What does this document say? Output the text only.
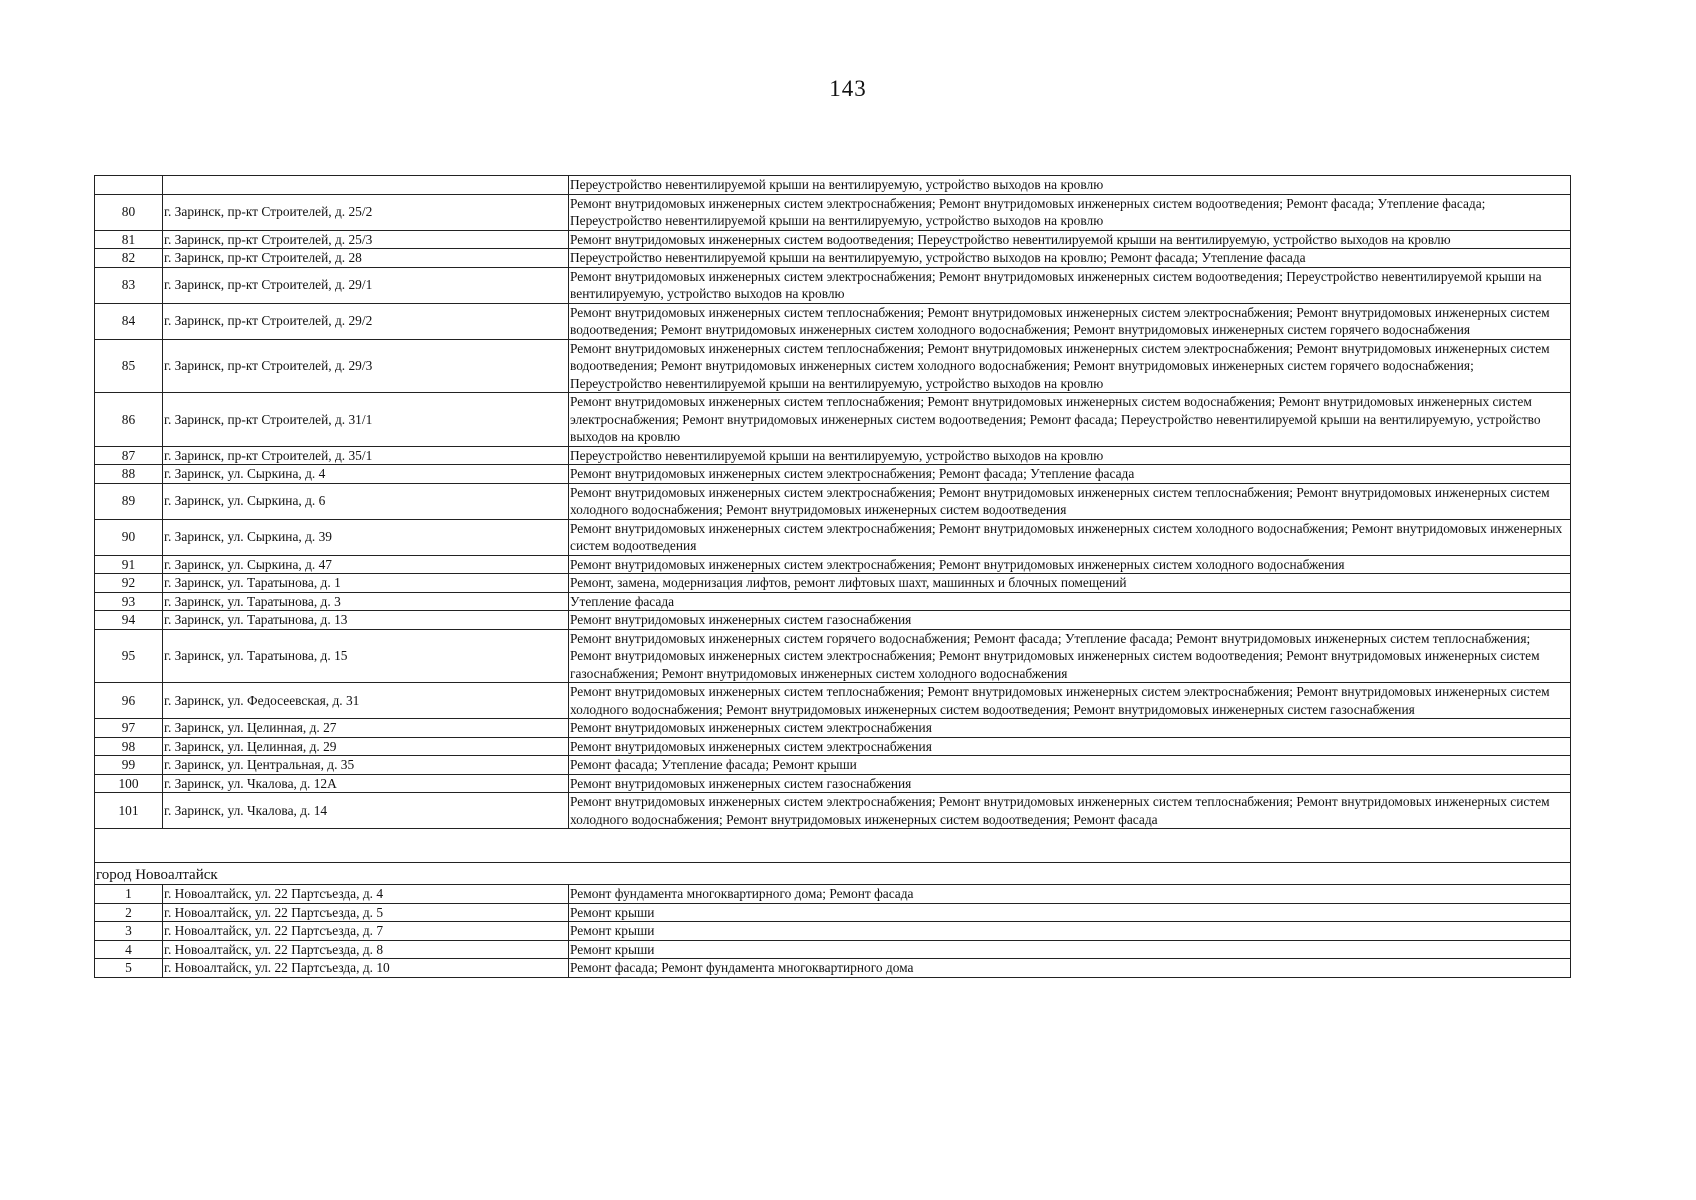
143
		Переустройство невентилируемой крыши на вентилируемую, устройство выходов на кровлю
80	г. Заринск, пр-кт Строителей, д. 25/2	Ремонт внутридомовых инженерных систем электроснабжения; Ремонт внутридомовых инженерных систем водоотведения; Ремонт фасада; Утепление фасада; Переустройство невентилируемой крыши на вентилируемую, устройство выходов на кровлю
81	г. Заринск, пр-кт Строителей, д. 25/3	Ремонт внутридомовых инженерных систем водоотведения; Переустройство невентилируемой крыши на вентилируемую, устройство выходов на кровлю
82	г. Заринск, пр-кт Строителей, д. 28	Переустройство невентилируемой крыши на вентилируемую, устройство выходов на кровлю; Ремонт фасада; Утепление фасада
83	г. Заринск, пр-кт Строителей, д. 29/1	Ремонт внутридомовых инженерных систем электроснабжения; Ремонт внутридомовых инженерных систем водоотведения; Переустройство невентилируемой крыши на вентилируемую, устройство выходов на кровлю
84	г. Заринск, пр-кт Строителей, д. 29/2	Ремонт внутридомовых инженерных систем теплоснабжения; Ремонт внутридомовых инженерных систем электроснабжения; Ремонт внутридомовых инженерных систем водоотведения; Ремонт внутридомовых инженерных систем холодного водоснабжения; Ремонт внутридомовых инженерных систем горячего водоснабжения
85	г. Заринск, пр-кт Строителей, д. 29/3	Ремонт внутридомовых инженерных систем теплоснабжения; Ремонт внутридомовых инженерных систем электроснабжения; Ремонт внутридомовых инженерных систем водоотведения; Ремонт внутридомовых инженерных систем холодного водоснабжения; Ремонт внутридомовых инженерных систем горячего водоснабжения; Переустройство невентилируемой крыши на вентилируемую, устройство выходов на кровлю
86	г. Заринск, пр-кт Строителей, д. 31/1	Ремонт внутридомовых инженерных систем теплоснабжения; Ремонт внутридомовых инженерных систем водоснабжения; Ремонт внутридомовых инженерных систем электроснабжения; Ремонт внутридомовых инженерных систем водоотведения; Ремонт фасада; Переустройство невентилируемой крыши на вентилируемую, устройство выходов на кровлю
87	г. Заринск, пр-кт Строителей, д. 35/1	Переустройство невентилируемой крыши на вентилируемую, устройство выходов на кровлю
88	г. Заринск, ул. Сыркина, д. 4	Ремонт внутридомовых инженерных систем электроснабжения; Ремонт фасада; Утепление фасада
89	г. Заринск, ул. Сыркина, д. 6	Ремонт внутридомовых инженерных систем электроснабжения; Ремонт внутридомовых инженерных систем теплоснабжения; Ремонт внутридомовых инженерных систем холодного водоснабжения; Ремонт внутридомовых инженерных систем водоотведения
90	г. Заринск, ул. Сыркина, д. 39	Ремонт внутридомовых инженерных систем электроснабжения; Ремонт внутридомовых инженерных систем холодного водоснабжения; Ремонт внутридомовых инженерных систем водоотведения
91	г. Заринск, ул. Сыркина, д. 47	Ремонт внутридомовых инженерных систем электроснабжения; Ремонт внутридомовых инженерных систем холодного водоснабжения
92	г. Заринск, ул. Таратынова, д. 1	Ремонт, замена, модернизация лифтов, ремонт лифтовых шахт, машинных и блочных помещений
93	г. Заринск, ул. Таратынова, д. 3	Утепление фасада
94	г. Заринск, ул. Таратынова, д. 13	Ремонт внутридомовых инженерных систем газоснабжения
95	г. Заринск, ул. Таратынова, д. 15	Ремонт внутридомовых инженерных систем горячего водоснабжения; Ремонт фасада; Утепление фасада; Ремонт внутридомовых инженерных систем теплоснабжения; Ремонт внутридомовых инженерных систем электроснабжения; Ремонт внутридомовых инженерных систем водоотведения; Ремонт внутридомовых инженерных систем газоснабжения; Ремонт внутридомовых инженерных систем холодного водоснабжения
96	г. Заринск, ул. Федосеевская, д. 31	Ремонт внутридомовых инженерных систем теплоснабжения; Ремонт внутридомовых инженерных систем электроснабжения; Ремонт внутридомовых инженерных систем холодного водоснабжения; Ремонт внутридомовых инженерных систем водоотведения; Ремонт внутридомовых инженерных систем газоснабжения
97	г. Заринск, ул. Целинная, д. 27	Ремонт внутридомовых инженерных систем электроснабжения
98	г. Заринск, ул. Целинная, д. 29	Ремонт внутридомовых инженерных систем электроснабжения
99	г. Заринск, ул. Центральная, д. 35	Ремонт фасада; Утепление фасада; Ремонт крыши
100	г. Заринск, ул. Чкалова, д. 12А	Ремонт внутридомовых инженерных систем газоснабжения
101	г. Заринск, ул. Чкалова, д. 14	Ремонт внутридомовых инженерных систем электроснабжения; Ремонт внутридомовых инженерных систем теплоснабжения; Ремонт внутридомовых инженерных систем холодного водоснабжения; Ремонт внутридомовых инженерных систем водоотведения; Ремонт фасада

город Новоалтайск		
1	г. Новоалтайск, ул. 22 Партсъезда, д. 4	Ремонт фундамента многоквартирного дома; Ремонт фасада
2	г. Новоалтайск, ул. 22 Партсъезда, д. 5	Ремонт крыши
3	г. Новоалтайск, ул. 22 Партсъезда, д. 7	Ремонт крыши
4	г. Новоалтайск, ул. 22 Партсъезда, д. 8	Ремонт крыши
5	г. Новоалтайск, ул. 22 Партсъезда, д. 10	Ремонт фасада; Ремонт фундамента многоквартирного дома
